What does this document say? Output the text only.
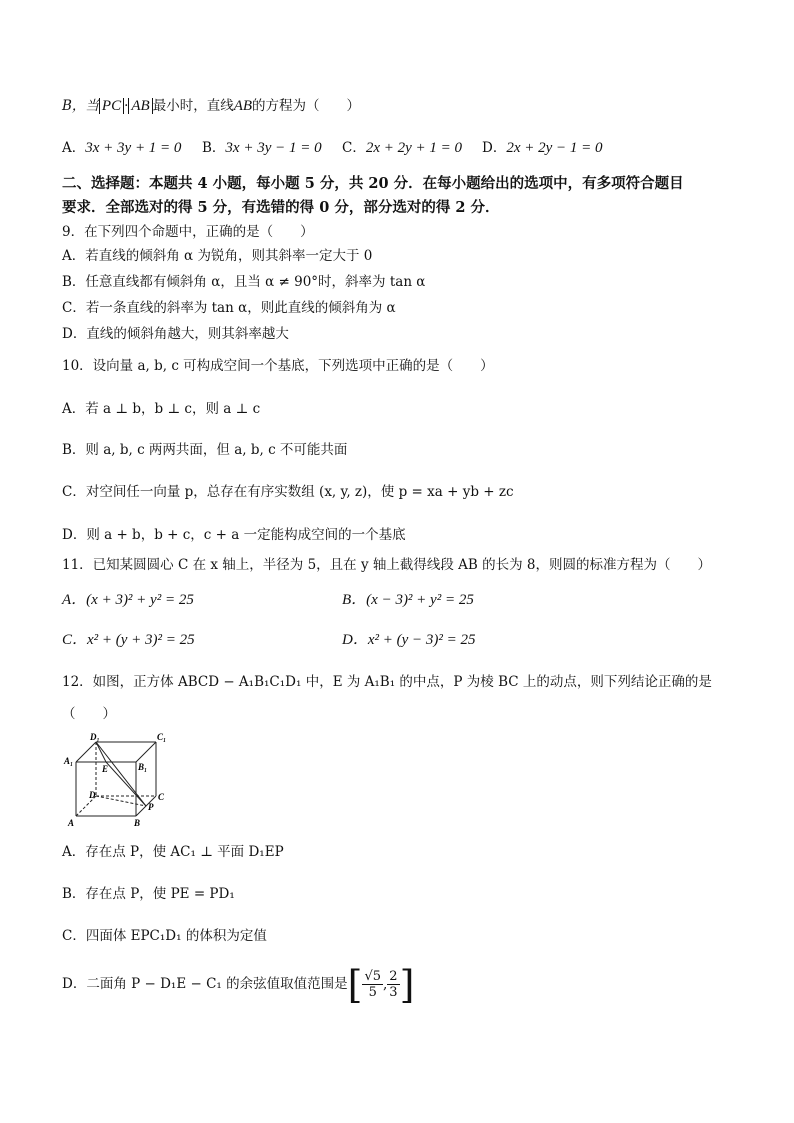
B，当 PC · AB 最小时，直线AB的方程为（　　）
A．3x + 3y + 1 = 0 B．3x + 3y − 1 = 0 C．2x + 2y + 1 = 0 D．2x + 2y − 1 = 0
二、选择题：本题共 4 小题，每小题 5 分，共 20 分．在每小题给出的选项中，有多项符合题目
要求．全部选对的得 5 分，有选错的得 0 分，部分选对的得 2 分．
9．在下列四个命题中，正确的是（　　）
A．若直线的倾斜角 α 为锐角，则其斜率一定大于 0
B．任意直线都有倾斜角 α，且当 α ≠ 90°时，斜率为 tan α
C．若一条直线的斜率为 tan α，则此直线的倾斜角为 α
D．直线的倾斜角越大，则其斜率越大
10．设向量 a, b, c 可构成空间一个基底，下列选项中正确的是（　　）
A．若 a ⊥ b，b ⊥ c，则 a ⊥ c
B．则 a, b, c 两两共面，但 a, b, c 不可能共面
C．对空间任一向量 p，总存在有序实数组 (x, y, z)，使 p = xa + yb + zc
D．则 a + b，b + c，c + a 一定能构成空间的一个基底
11．已知某圆圆心 C 在 x 轴上，半径为 5，且在 y 轴上截得线段 AB 的长为 8，则圆的标准方程为（　　）
A．(x + 3)² + y² = 25	B．(x − 3)² + y² = 25
C．x² + (y + 3)² = 25	D．x² + (y − 3)² = 25
12．如图，正方体 ABCD − A₁B₁C₁D₁ 中，E 为 A₁B₁ 的中点，P 为棱 BC 上的动点，则下列结论正确的是
（　　）
D₁	C₁
A₁
B₁
E
D	C
P
A	B
A．存在点 P，使 AC₁ ⊥ 平面 D₁EP
B．存在点 P，使 PE = PD₁
C．四面体 EPC₁D₁ 的体积为定值
D．二面角 P − D₁E − C₁ 的余弦值取值范围是[ $\frac{√5}{5}$ , $\frac{2}{3}$ ]
